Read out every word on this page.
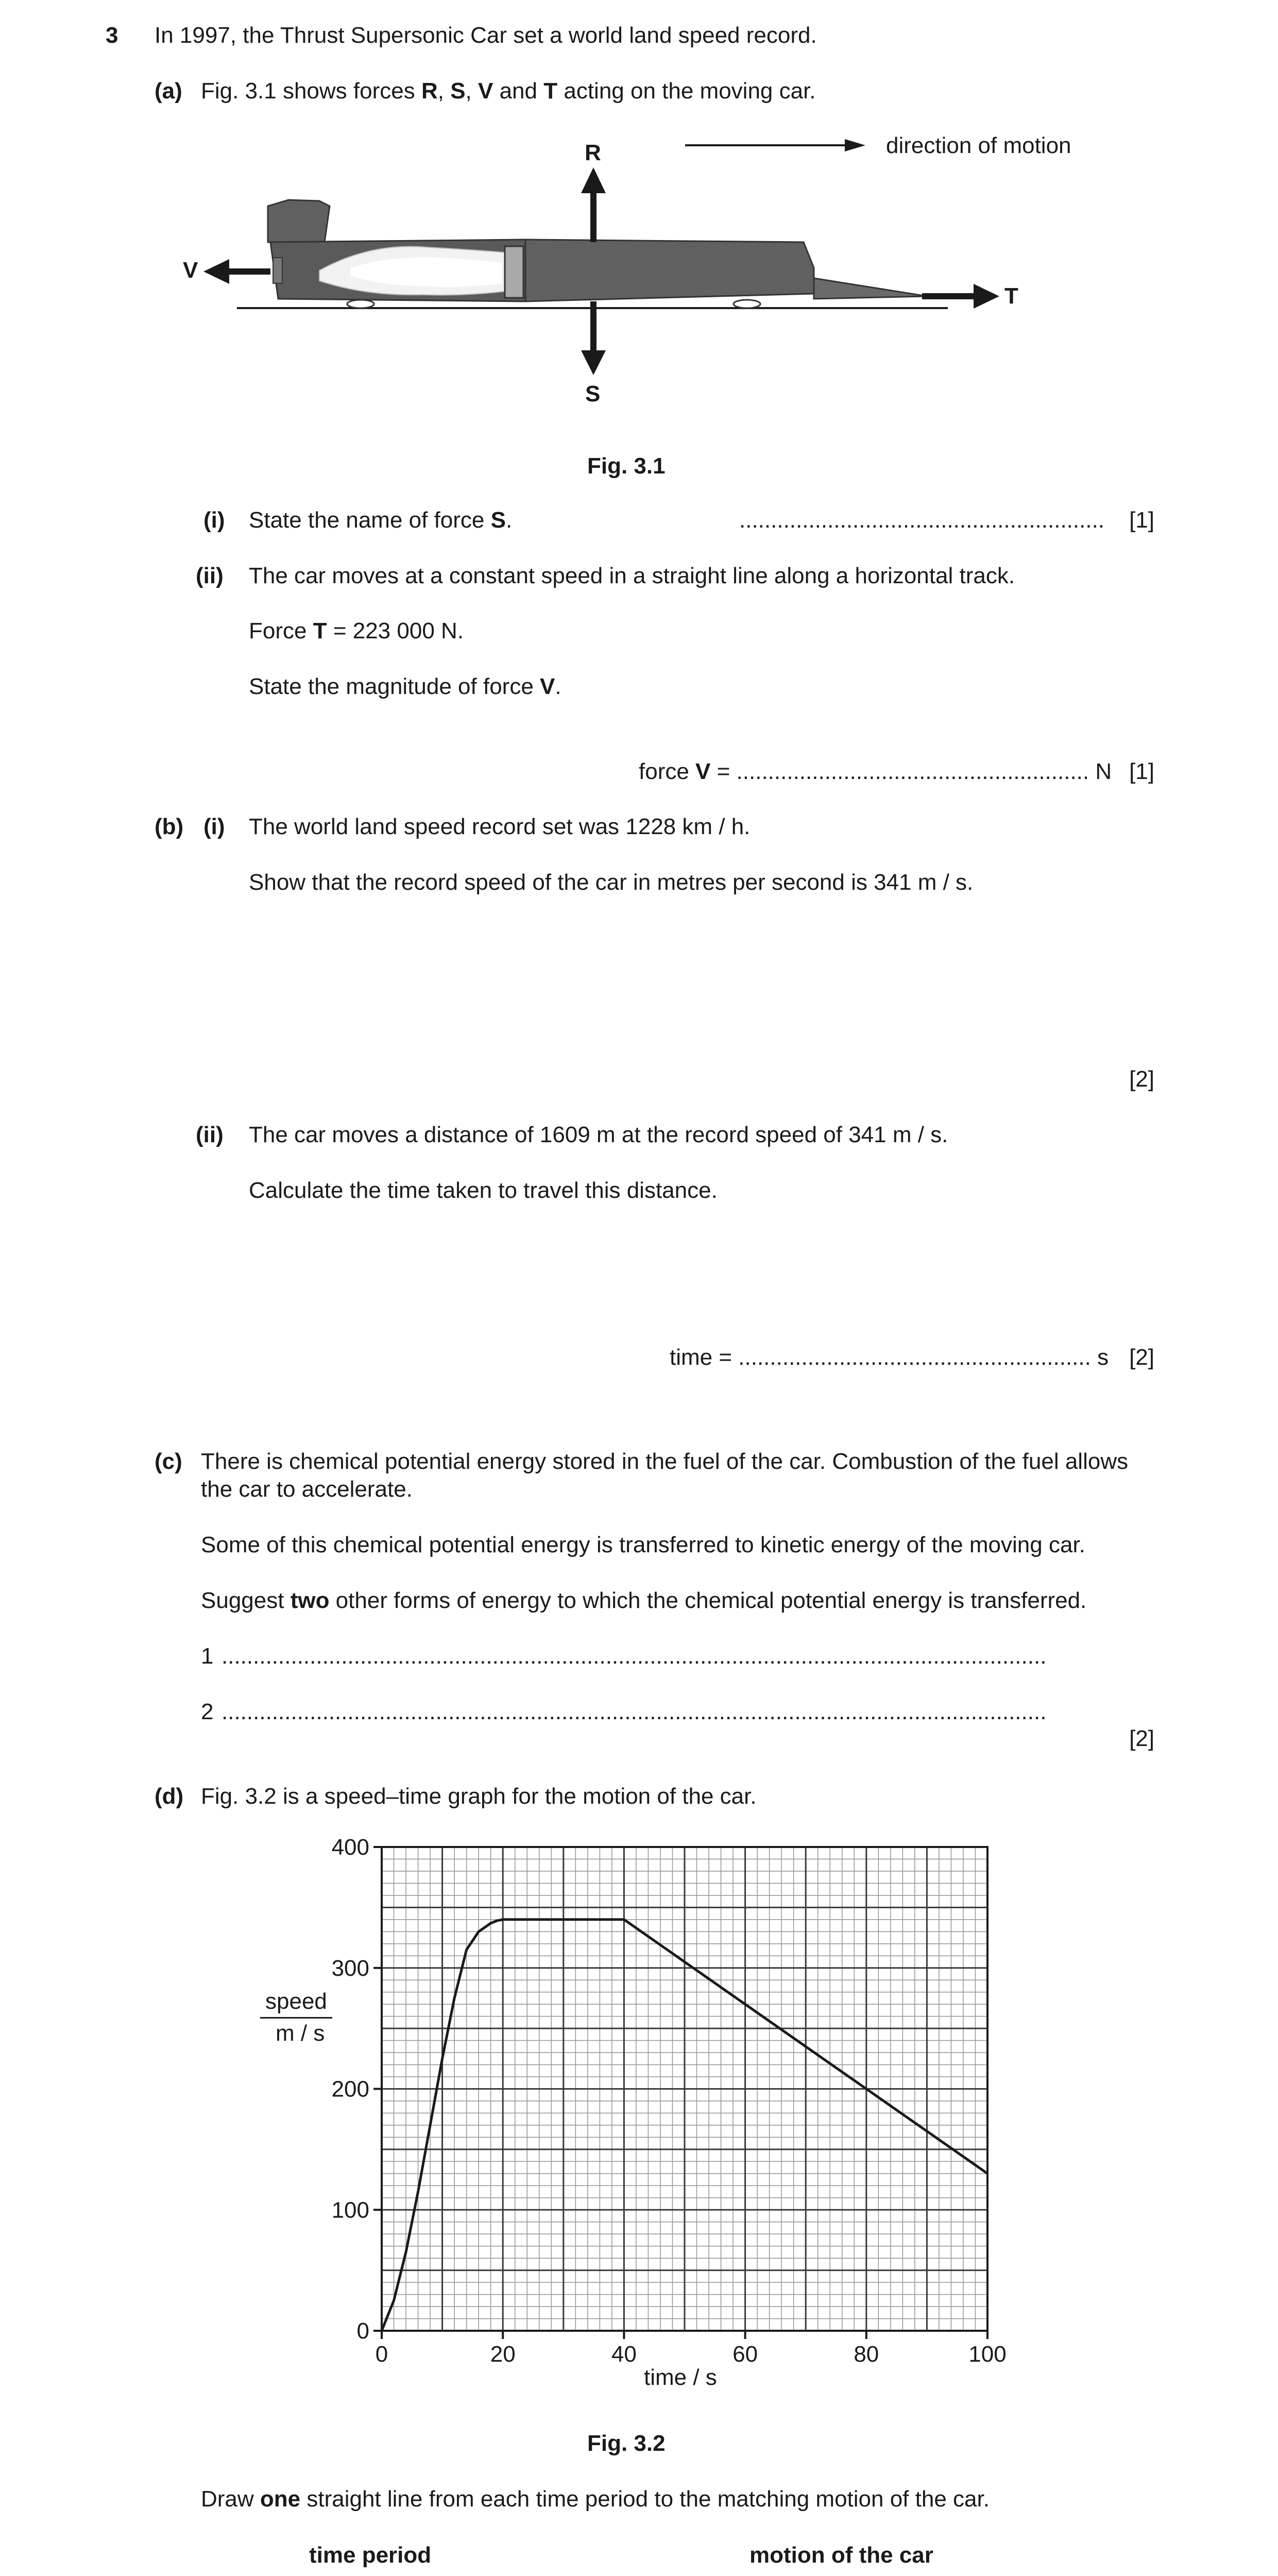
3 In 1997, the Thrust Supersonic Car set a world land speed record.
(a) Fig. 3.1 shows forces R, S, V and T acting on the moving car.
R
S
V
T
direction of motion
Fig. 3.1
(i) State the name of force S.	.......................................................... [1]
(ii) The car moves at a constant speed in a straight line along a horizontal track.
Force T = 223 000 N.
State the magnitude of force V.
force V = ........................................................ N [1]
(b) (i) The world land speed record set was 1228 km / h.
Show that the record speed of the car in metres per second is 341 m / s.
[2]
(ii) The car moves a distance of 1609 m at the record speed of 341 m / s.
Calculate the time taken to travel this distance.
time = ........................................................ s [2]
(c) There is chemical potential energy stored in the fuel of the car. Combustion of the fuel allows
the car to accelerate.
Some of this chemical potential energy is transferred to kinetic energy of the moving car.
Suggest two other forms of energy to which the chemical potential energy is transferred.
1 ...................................................................................................................................
2 ...................................................................................................................................
[2]
(d) Fig. 3.2 is a speed–time graph for the motion of the car.
0	20	40	60	80	100
0
100
200
300
400
speed
m / s
time / s
Fig. 3.2
Draw one straight line from each time period to the matching motion of the car.
time period	motion of the car
